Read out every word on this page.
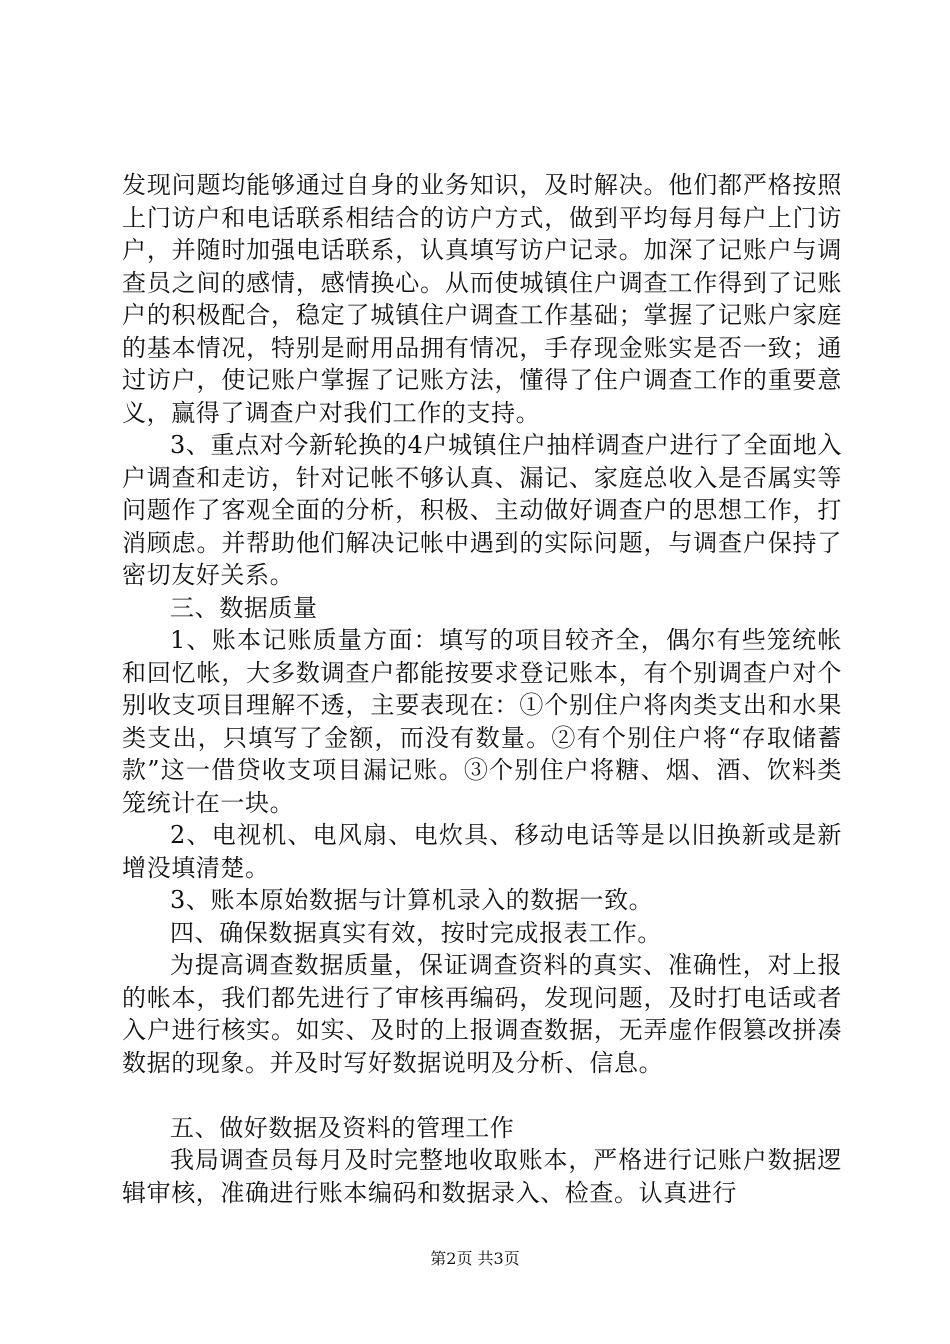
发现问题均能够通过自身的业务知识，及时解决。他们都严格按照上门访户和电话联系相结合的访户方式，做到平均每月每户上门访户，并随时加强电话联系，认真填写访户记录。加深了记账户与调查员之间的感情，感情换心。从而使城镇住户调查工作得到了记账户的积极配合，稳定了城镇住户调查工作基础；掌握了记账户家庭的基本情况，特别是耐用品拥有情况，手存现金账实是否一致；通过访户，使记账户掌握了记账方法，懂得了住户调查工作的重要意义，赢得了调查户对我们工作的支持。

3、重点对今新轮换的4户城镇住户抽样调查户进行了全面地入户调查和走访，针对记帐不够认真、漏记、家庭总收入是否属实等问题作了客观全面的分析，积极、主动做好调查户的思想工作，打消顾虑。并帮助他们解决记帐中遇到的实际问题，与调查户保持了密切友好关系。

三、数据质量

1、账本记账质量方面：填写的项目较齐全，偶尔有些笼统帐和回忆帐，大多数调查户都能按要求登记账本，有个别调查户对个别收支项目理解不透，主要表现在：①个别住户将肉类支出和水果类支出，只填写了金额，而没有数量。②有个别住户将“存取储蓄款”这一借贷收支项目漏记账。③个别住户将糖、烟、酒、饮料类笼统计在一块。

2、电视机、电风扇、电炊具、移动电话等是以旧换新或是新增没填清楚。

3、账本原始数据与计算机录入的数据一致。

四、确保数据真实有效，按时完成报表工作。

为提高调查数据质量，保证调查资料的真实、准确性，对上报的帐本，我们都先进行了审核再编码，发现问题，及时打电话或者入户进行核实。如实、及时的上报调查数据，无弄虚作假篡改拼凑数据的现象。并及时写好数据说明及分析、信息。

五、做好数据及资料的管理工作

我局调查员每月及时完整地收取账本，严格进行记账户数据逻辑审核，准确进行账本编码和数据录入、检查。认真进行

第2页 共3页
